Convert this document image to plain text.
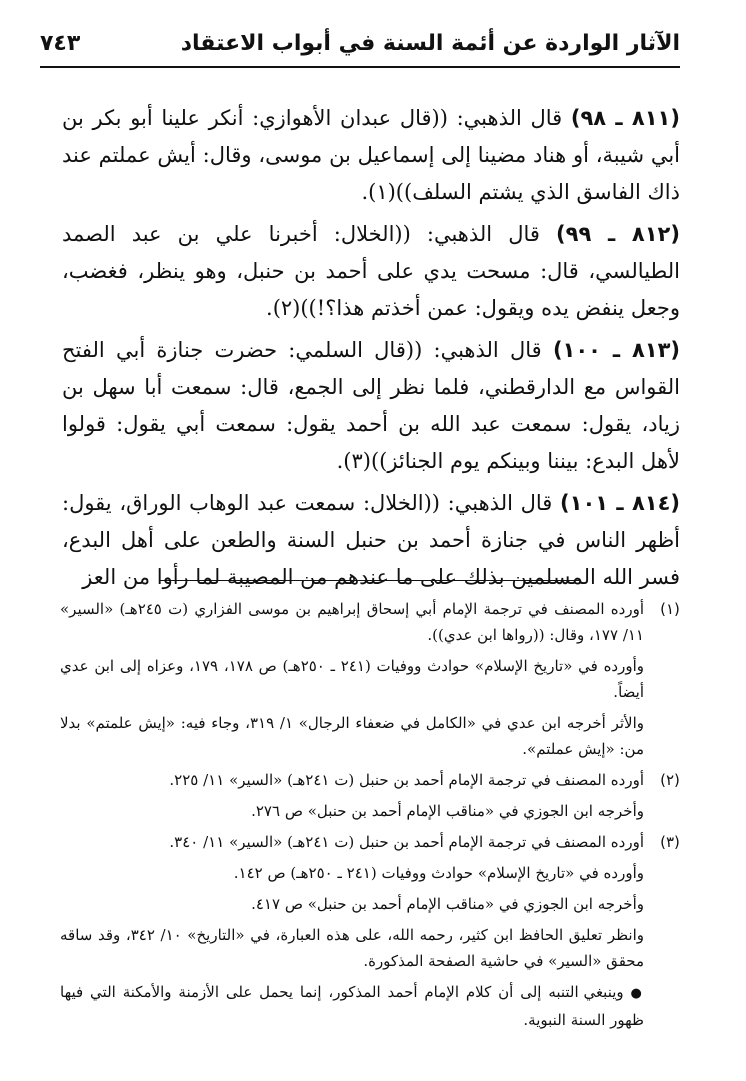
الآثار الواردة عن أئمة السنة في أبواب الاعتقاد
٧٤٣

(٨١١ ـ ٩٨) قال الذهبي: ((قال عبدان الأهوازي: أنكر علينا أبو بكر بن أبي شيبة، أو هناد مضينا إلى إسماعيل بن موسى، وقال: أيش عملتم عند ذاك الفاسق الذي يشتم السلف))(١).

(٨١٢ ـ ٩٩) قال الذهبي: ((الخلال: أخبرنا علي بن عبد الصمد الطيالسي، قال: مسحت يدي على أحمد بن حنبل، وهو ينظر، فغضب، وجعل ينفض يده ويقول: عمن أخذتم هذا؟!))(٢).

(٨١٣ ـ ١٠٠) قال الذهبي: ((قال السلمي: حضرت جنازة أبي الفتح القواس مع الدارقطني، فلما نظر إلى الجمع، قال: سمعت أبا سهل بن زياد، يقول: سمعت عبد الله بن أحمد يقول: سمعت أبي يقول: قولوا لأهل البدع: بيننا وبينكم يوم الجنائز))(٣).

(٨١٤ ـ ١٠١) قال الذهبي: ((الخلال: سمعت عبد الوهاب الوراق، يقول: أظهر الناس في جنازة أحمد بن حنبل السنة والطعن على أهل البدع، فسر الله المسلمين بذلك على ما عندهم من المصيبة لما رأوا من العز

(١)

أورده المصنف في ترجمة الإمام أبي إسحاق إبراهيم بن موسى الفزاري (ت ٢٤٥هـ) «السير» ١١/ ١٧٧، وقال: ((رواها ابن عدي)).

وأورده في «تاريخ الإسلام» حوادث ووفيات (٢٤١ ـ ٢٥٠هـ) ص ١٧٨، ١٧٩، وعزاه إلى ابن عدي أيضاً.

والأثر أخرجه ابن عدي في «الكامل في ضعفاء الرجال» ١/ ٣١٩، وجاء فيه: «إيش علمتم» بدلا من: «إيش عملتم».

(٢)

أورده المصنف في ترجمة الإمام أحمد بن حنبل (ت ٢٤١هـ) «السير» ١١/ ٢٢٥.

وأخرجه ابن الجوزي في «مناقب الإمام أحمد بن حنبل» ص ٢٧٦.

(٣)

أورده المصنف في ترجمة الإمام أحمد بن حنبل (ت ٢٤١هـ) «السير» ١١/ ٣٤٠.

وأورده في «تاريخ الإسلام» حوادث ووفيات (٢٤١ ـ ٢٥٠هـ) ص ١٤٢.

وأخرجه ابن الجوزي في «مناقب الإمام أحمد بن حنبل» ص ٤١٧.

وانظر تعليق الحافظ ابن كثير، رحمه الله، على هذه العبارة، في «التاريخ» ١٠/ ٣٤٢، وقد ساقه محقق «السير» في حاشية الصفحة المذكورة.

● وينبغي التنبه إلى أن كلام الإمام أحمد المذكور، إنما يحمل على الأزمنة والأمكنة التي فيها ظهور السنة النبوية.
